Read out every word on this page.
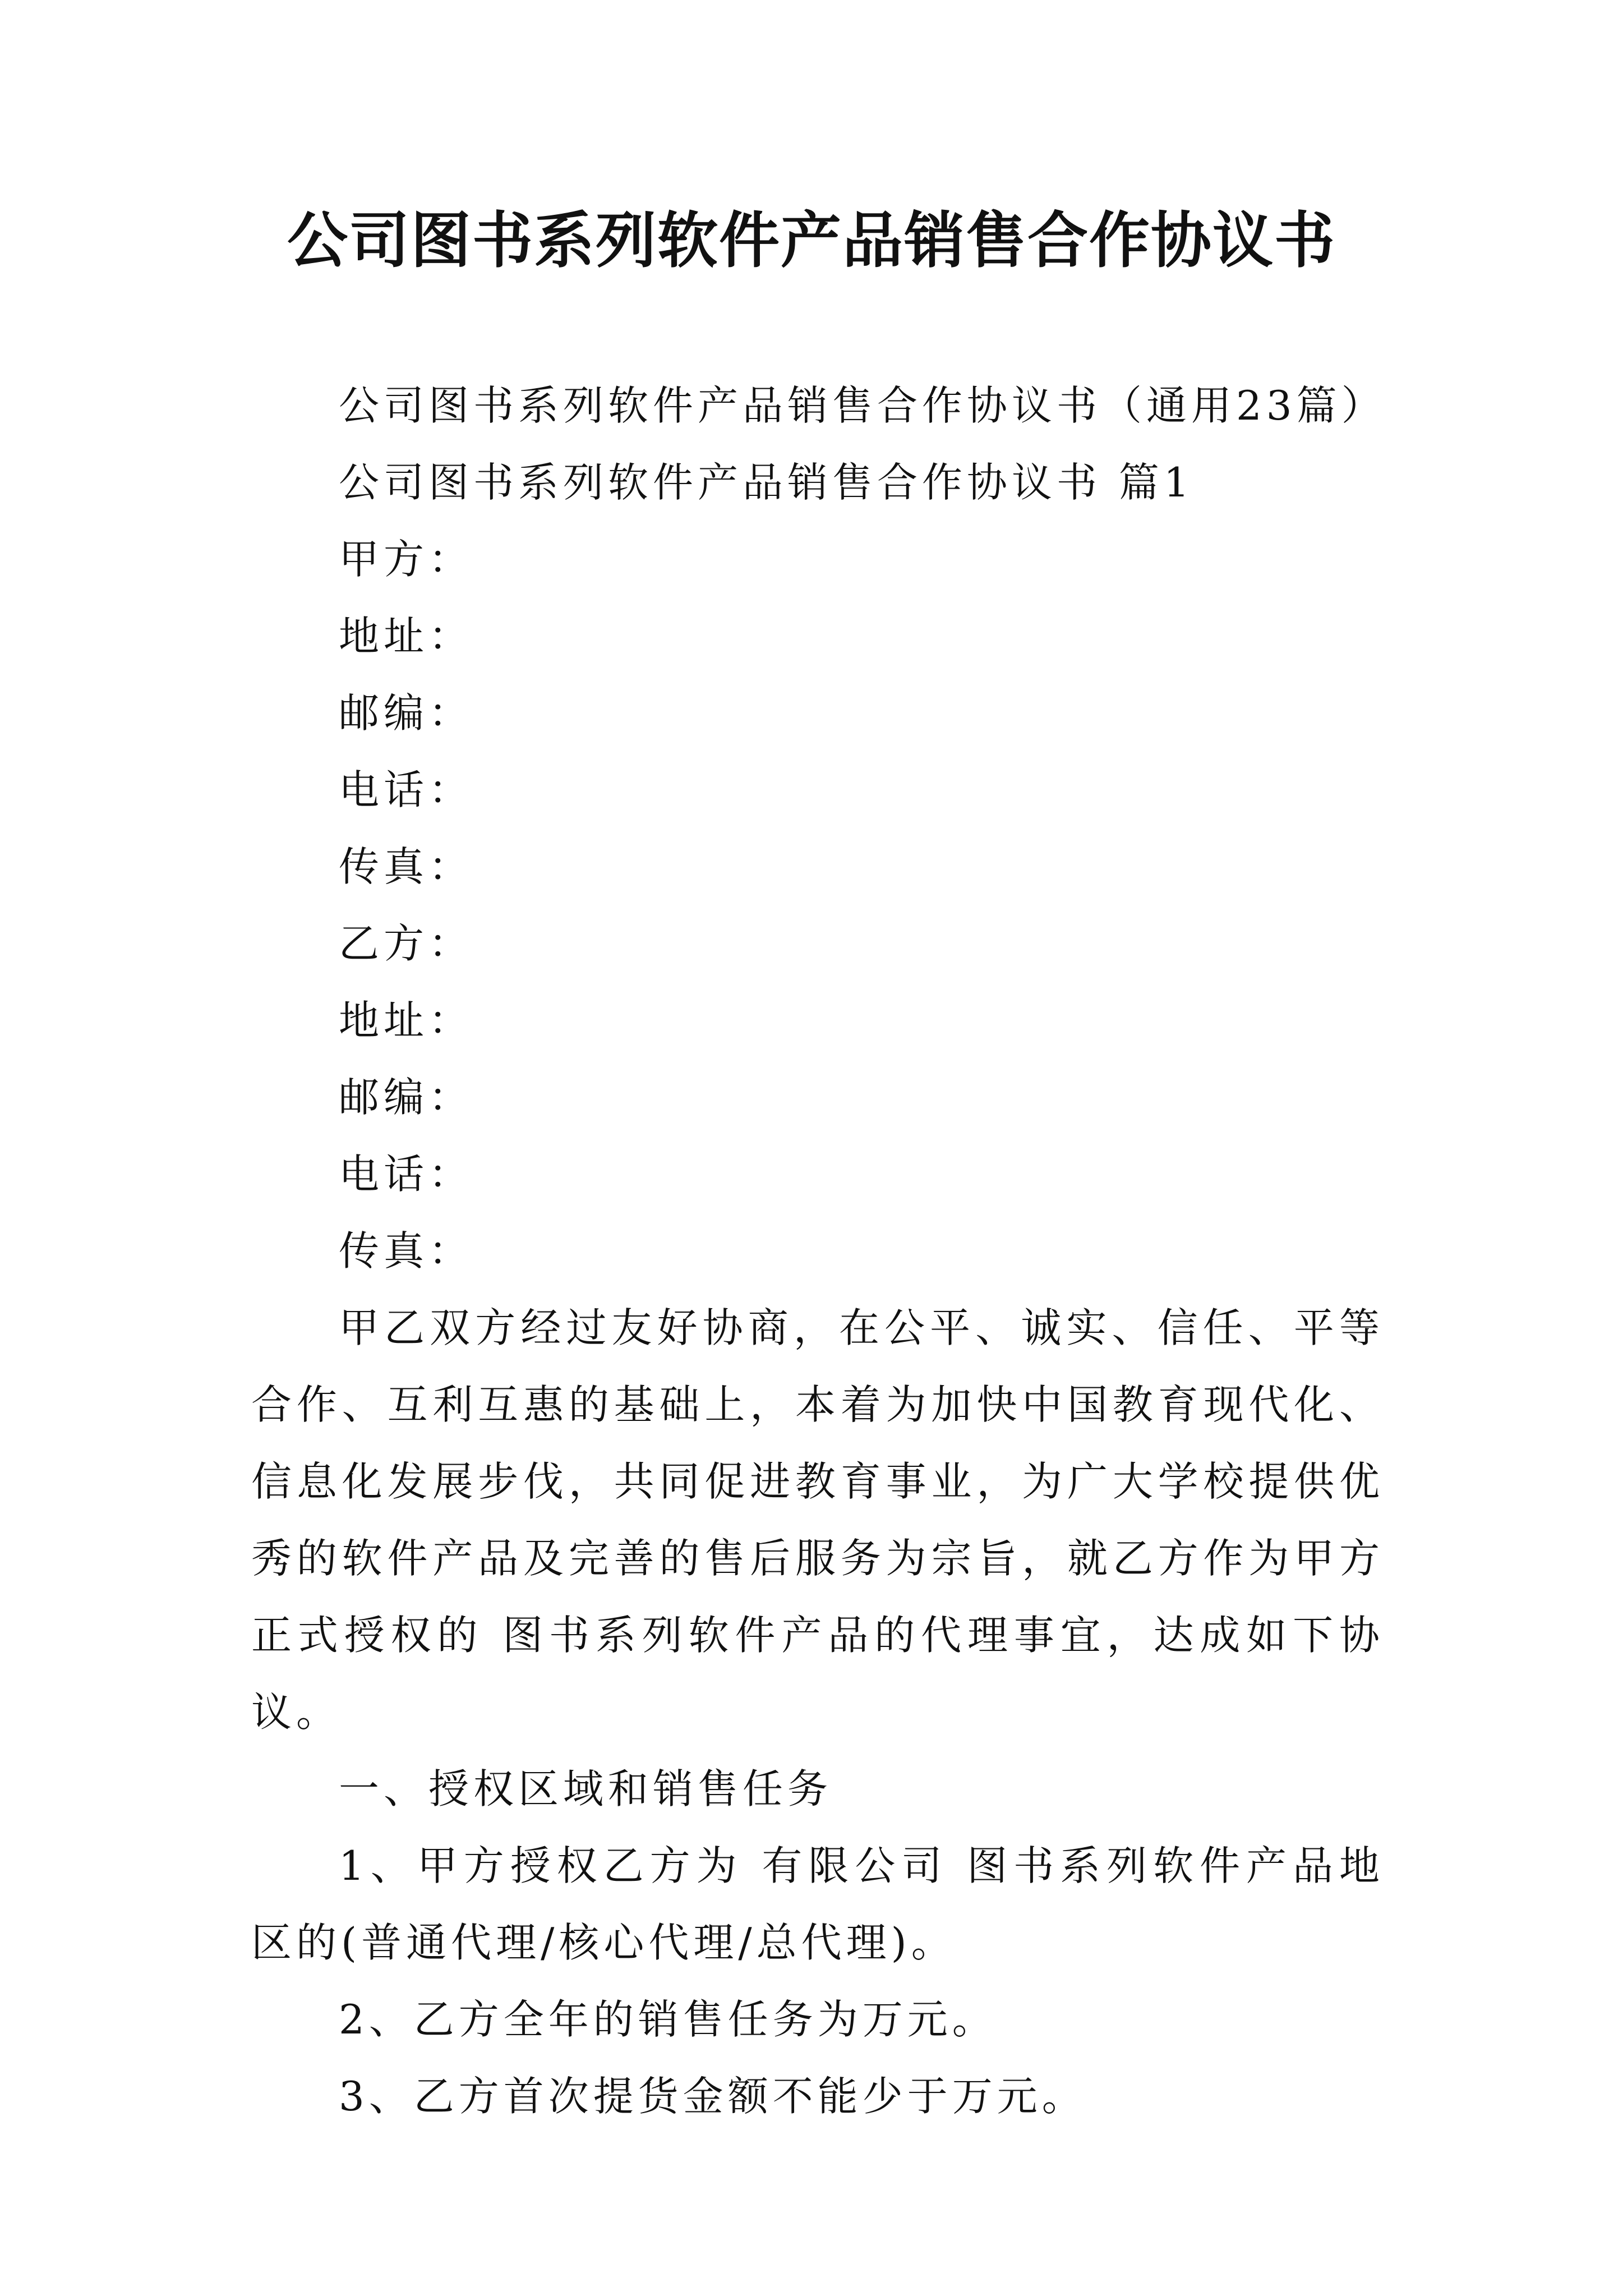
公司图书系列软件产品销售合作协议书
公司图书系列软件产品销售合作协议书（通用23篇）
公司图书系列软件产品销售合作协议书 篇1
甲方：
地址：
邮编：
电话：
传真：
乙方：
地址：
邮编：
电话：
传真：

甲乙双方经过友好协商，在公平、诚实、信任、平等合作、互利互惠的基础上，本着为加快中国教育现代化、信息化发展步伐，共同促进教育事业，为广大学校提供优秀的软件产品及完善的售后服务为宗旨，就乙方作为甲方正式授权的 图书系列软件产品的代理事宜，达成如下协议。

一、授权区域和销售任务

1、甲方授权乙方为 有限公司 图书系列软件产品地区的(普通代理/核心代理/总代理)。

2、乙方全年的销售任务为万元。

3、乙方首次提货金额不能少于万元。
